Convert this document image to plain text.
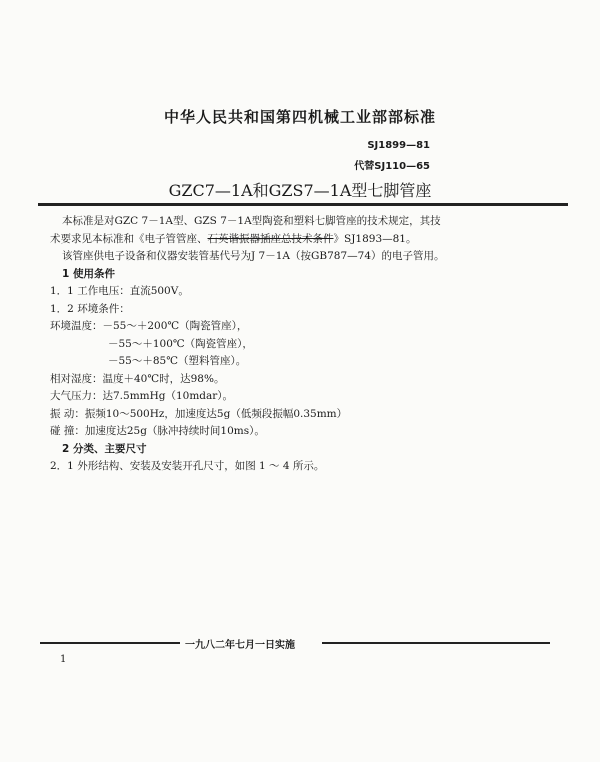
中华人民共和国第四机械工业部部标准
SJ1899—81
代替SJ110—65
GZC7—1A和GZS7—1A型七脚管座

本标准是对GZC 7－1A型、GZS 7－1A型陶瓷和塑料七脚管座的技术规定，其技

术要求见本标准和《电子管管座、石英谐振器插座总技术条件》SJ1893—81。

该管座供电子设备和仪器安装管基代号为J 7－1A（按GB787—74）的电子管用。

1 使用条件

1．1 工作电压：直流500V。

1．2 环境条件：

环境温度：－55～＋200℃（陶瓷管座），

－55～＋100℃（陶瓷管座），

－55～＋85℃（塑料管座）。

相对湿度：温度＋40℃时，达98%。

大气压力：达7.5mmHg（10mdar）。

振 动：振频10～500Hz，加速度达5g（低频段振幅0.35mm）

碰 撞：加速度达25g（脉冲持续时间10ms）。

2 分类、主要尺寸

2．1 外形结构、安装及安装开孔尺寸，如图 1 ～ 4 所示。

一九八二年七月一日实施
1
